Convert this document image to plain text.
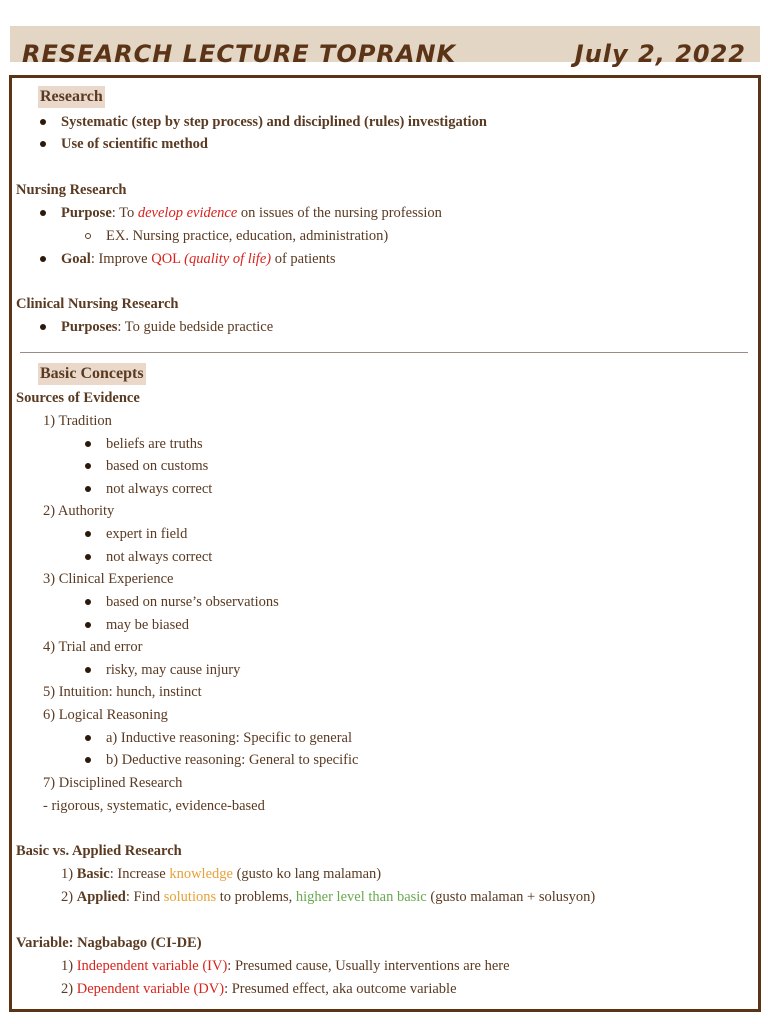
RESEARCH LECTURE TOPRANK	July 2, 2022
Research
Systematic (step by step process) and disciplined (rules) investigation
Use of scientific method
Nursing Research
Purpose: To develop evidence on issues of the nursing profession
EX. Nursing practice, education, administration)
Goal: Improve QOL (quality of life) of patients
Clinical Nursing Research
Purposes: To guide bedside practice
Basic Concepts
Sources of Evidence
1) Tradition
beliefs are truths
based on customs
not always correct
2) Authority
expert in field
not always correct
3) Clinical Experience
based on nurse’s observations
may be biased
4) Trial and error
risky, may cause injury
5) Intuition: hunch, instinct
6) Logical Reasoning
a) Inductive reasoning: Specific to general
b) Deductive reasoning: General to specific
7) Disciplined Research
- rigorous, systematic, evidence-based
Basic vs. Applied Research
1) Basic: Increase knowledge (gusto ko lang malaman)
2) Applied: Find solutions to problems, higher level than basic (gusto malaman + solusyon)
Variable: Nagbabago (CI-DE)
1) Independent variable (IV): Presumed cause, Usually interventions are here
2) Dependent variable (DV): Presumed effect, aka outcome variable
